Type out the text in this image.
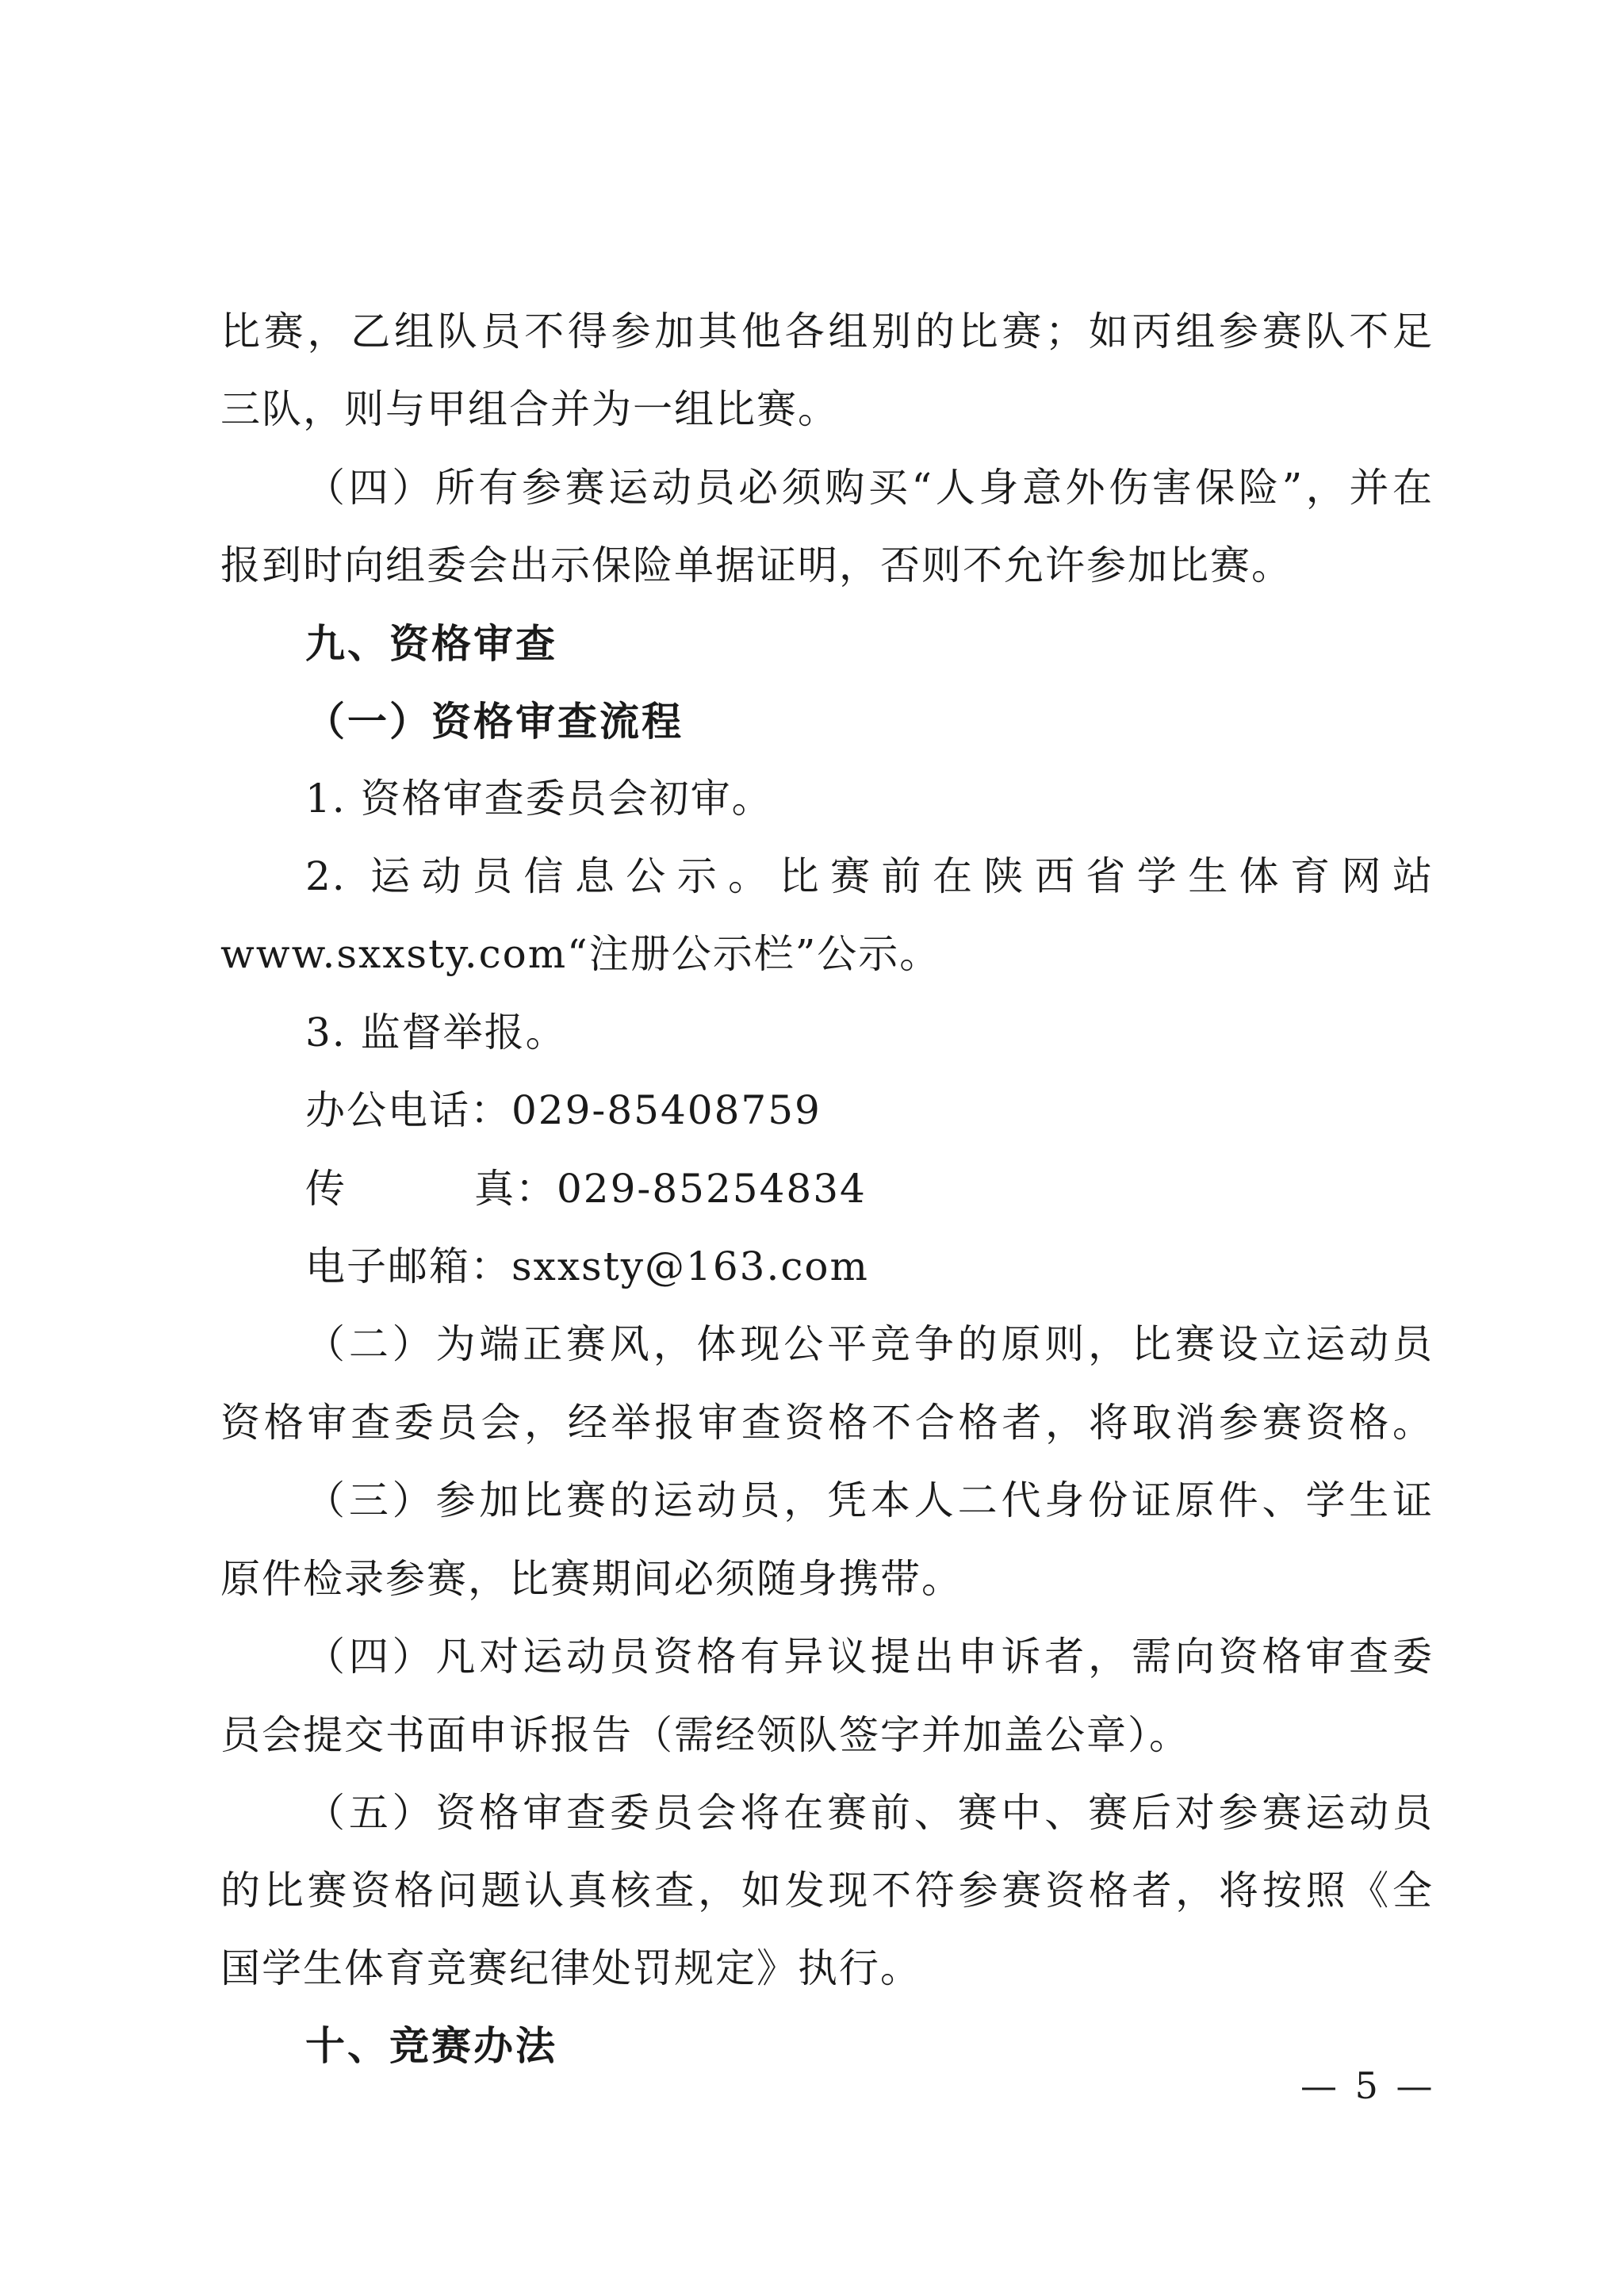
比赛，乙组队员不得参加其他各组别的比赛；如丙组参赛队不足
三队，则与甲组合并为一组比赛。
（四）所有参赛运动员必须购买“人身意外伤害保险”，并在
报到时向组委会出示保险单据证明，否则不允许参加比赛。
九、资格审查
（一）资格审查流程
1. 资格审查委员会初审。
2. 运动员信息公示。比赛前在陕西省学生体育网站
www.sxxsty.com“注册公示栏”公示。
3. 监督举报。
办公电话：029-85408759
传真：029-85254834
电子邮箱：sxxsty@163.com
（二）为端正赛风，体现公平竞争的原则，比赛设立运动员
资格审查委员会，经举报审查资格不合格者，将取消参赛资格。
（三）参加比赛的运动员，凭本人二代身份证原件、学生证
原件检录参赛，比赛期间必须随身携带。
（四）凡对运动员资格有异议提出申诉者，需向资格审查委
员会提交书面申诉报告（需经领队签字并加盖公章）。
（五）资格审查委员会将在赛前、赛中、赛后对参赛运动员
的比赛资格问题认真核查，如发现不符参赛资格者，将按照《全
国学生体育竞赛纪律处罚规定》执行。
十、竞赛办法
— 5 —
